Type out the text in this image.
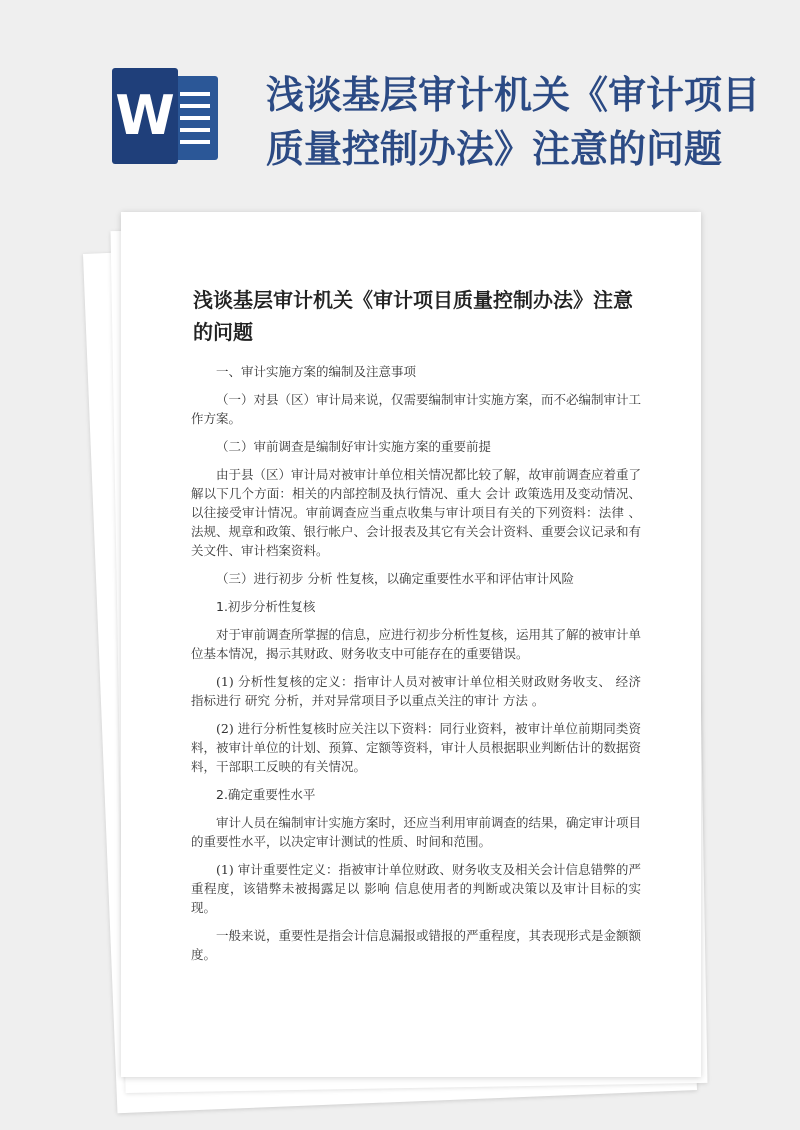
W 浅谈基层审计机关《审计项目
质量控制办法》注意的问题
浅谈基层审计机关《审计项目质量控制办法》注意的问题

一、审计实施方案的编制及注意事项

（一）对县（区）审计局来说，仅需要编制审计实施方案，而不必编制审计工作方案。

（二）审前调查是编制好审计实施方案的重要前提

由于县（区）审计局对被审计单位相关情况都比较了解，故审前调查应着重了解以下几个方面：相关的内部控制及执行情况、重大 会计 政策选用及变动情况、以往接受审计情况。审前调查应当重点收集与审计项目有关的下列资料：法律 、法规、规章和政策、银行帐户、会计报表及其它有关会计资料、重要会议记录和有关文件、审计档案资料。

（三）进行初步 分析 性复核，以确定重要性水平和评估审计风险

1.初步分析性复核

对于审前调查所掌握的信息，应进行初步分析性复核，运用其了解的被审计单位基本情况，揭示其财政、财务收支中可能存在的重要错误。

(1) 分析性复核的定义：指审计人员对被审计单位相关财政财务收支、 经济 指标进行 研究 分析，并对异常项目予以重点关注的审计 方法 。

(2) 进行分析性复核时应关注以下资料：同行业资料，被审计单位前期同类资料，被审计单位的计划、预算、定额等资料，审计人员根据职业判断估计的数据资料，干部职工反映的有关情况。

2.确定重要性水平

审计人员在编制审计实施方案时，还应当利用审前调查的结果，确定审计项目的重要性水平，以决定审计测试的性质、时间和范围。

(1) 审计重要性定义：指被审计单位财政、财务收支及相关会计信息错弊的严重程度，该错弊未被揭露足以 影响 信息使用者的判断或决策以及审计目标的实现。

一般来说，重要性是指会计信息漏报或错报的严重程度，其表现形式是金额额度。
